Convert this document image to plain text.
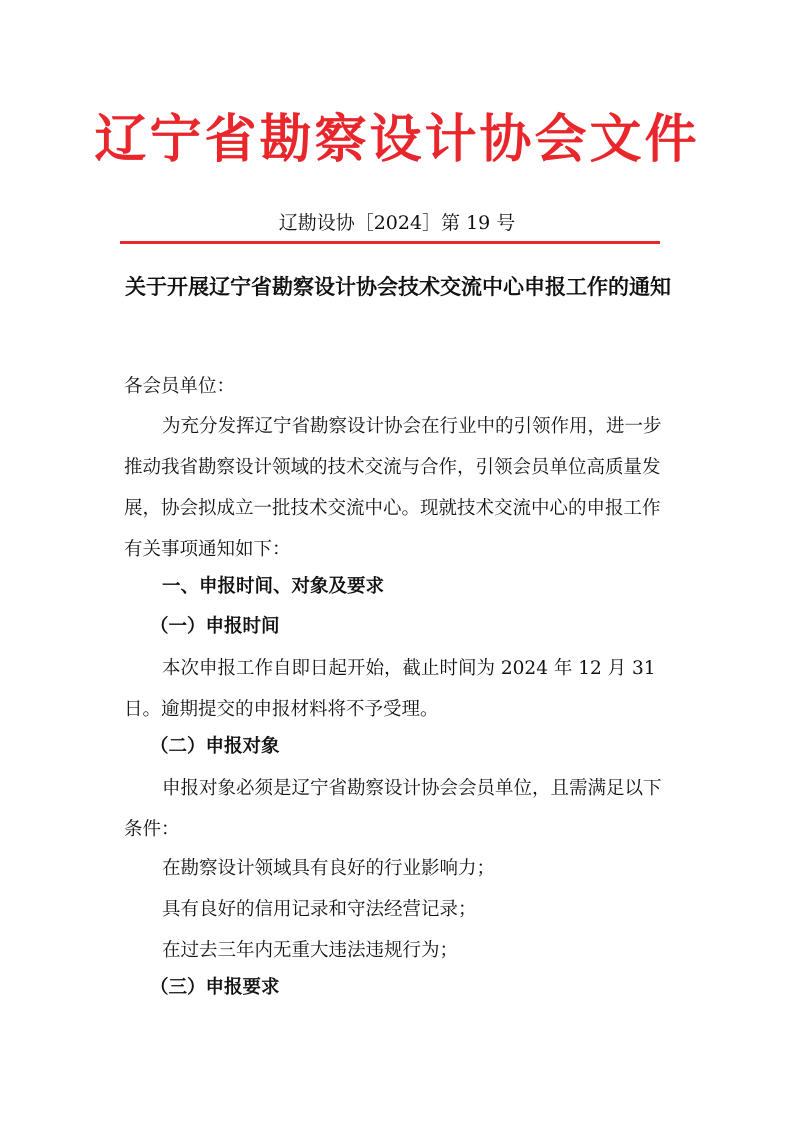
辽宁省勘察设计协会文件
辽勘设协［2024］第 19 号
关于开展辽宁省勘察设计协会技术交流中心申报工作的通知
各会员单位：
为充分发挥辽宁省勘察设计协会在行业中的引领作用，进一步推动我省勘察设计领域的技术交流与合作，引领会员单位高质量发展，协会拟成立一批技术交流中心。现就技术交流中心的申报工作有关事项通知如下：
一、申报时间、对象及要求
（一）申报时间
本次申报工作自即日起开始，截止时间为 2024 年 12 月 31 日。逾期提交的申报材料将不予受理。
（二）申报对象
申报对象必须是辽宁省勘察设计协会会员单位，且需满足以下条件：
在勘察设计领域具有良好的行业影响力；
具有良好的信用记录和守法经营记录；
在过去三年内无重大违法违规行为；
（三）申报要求
